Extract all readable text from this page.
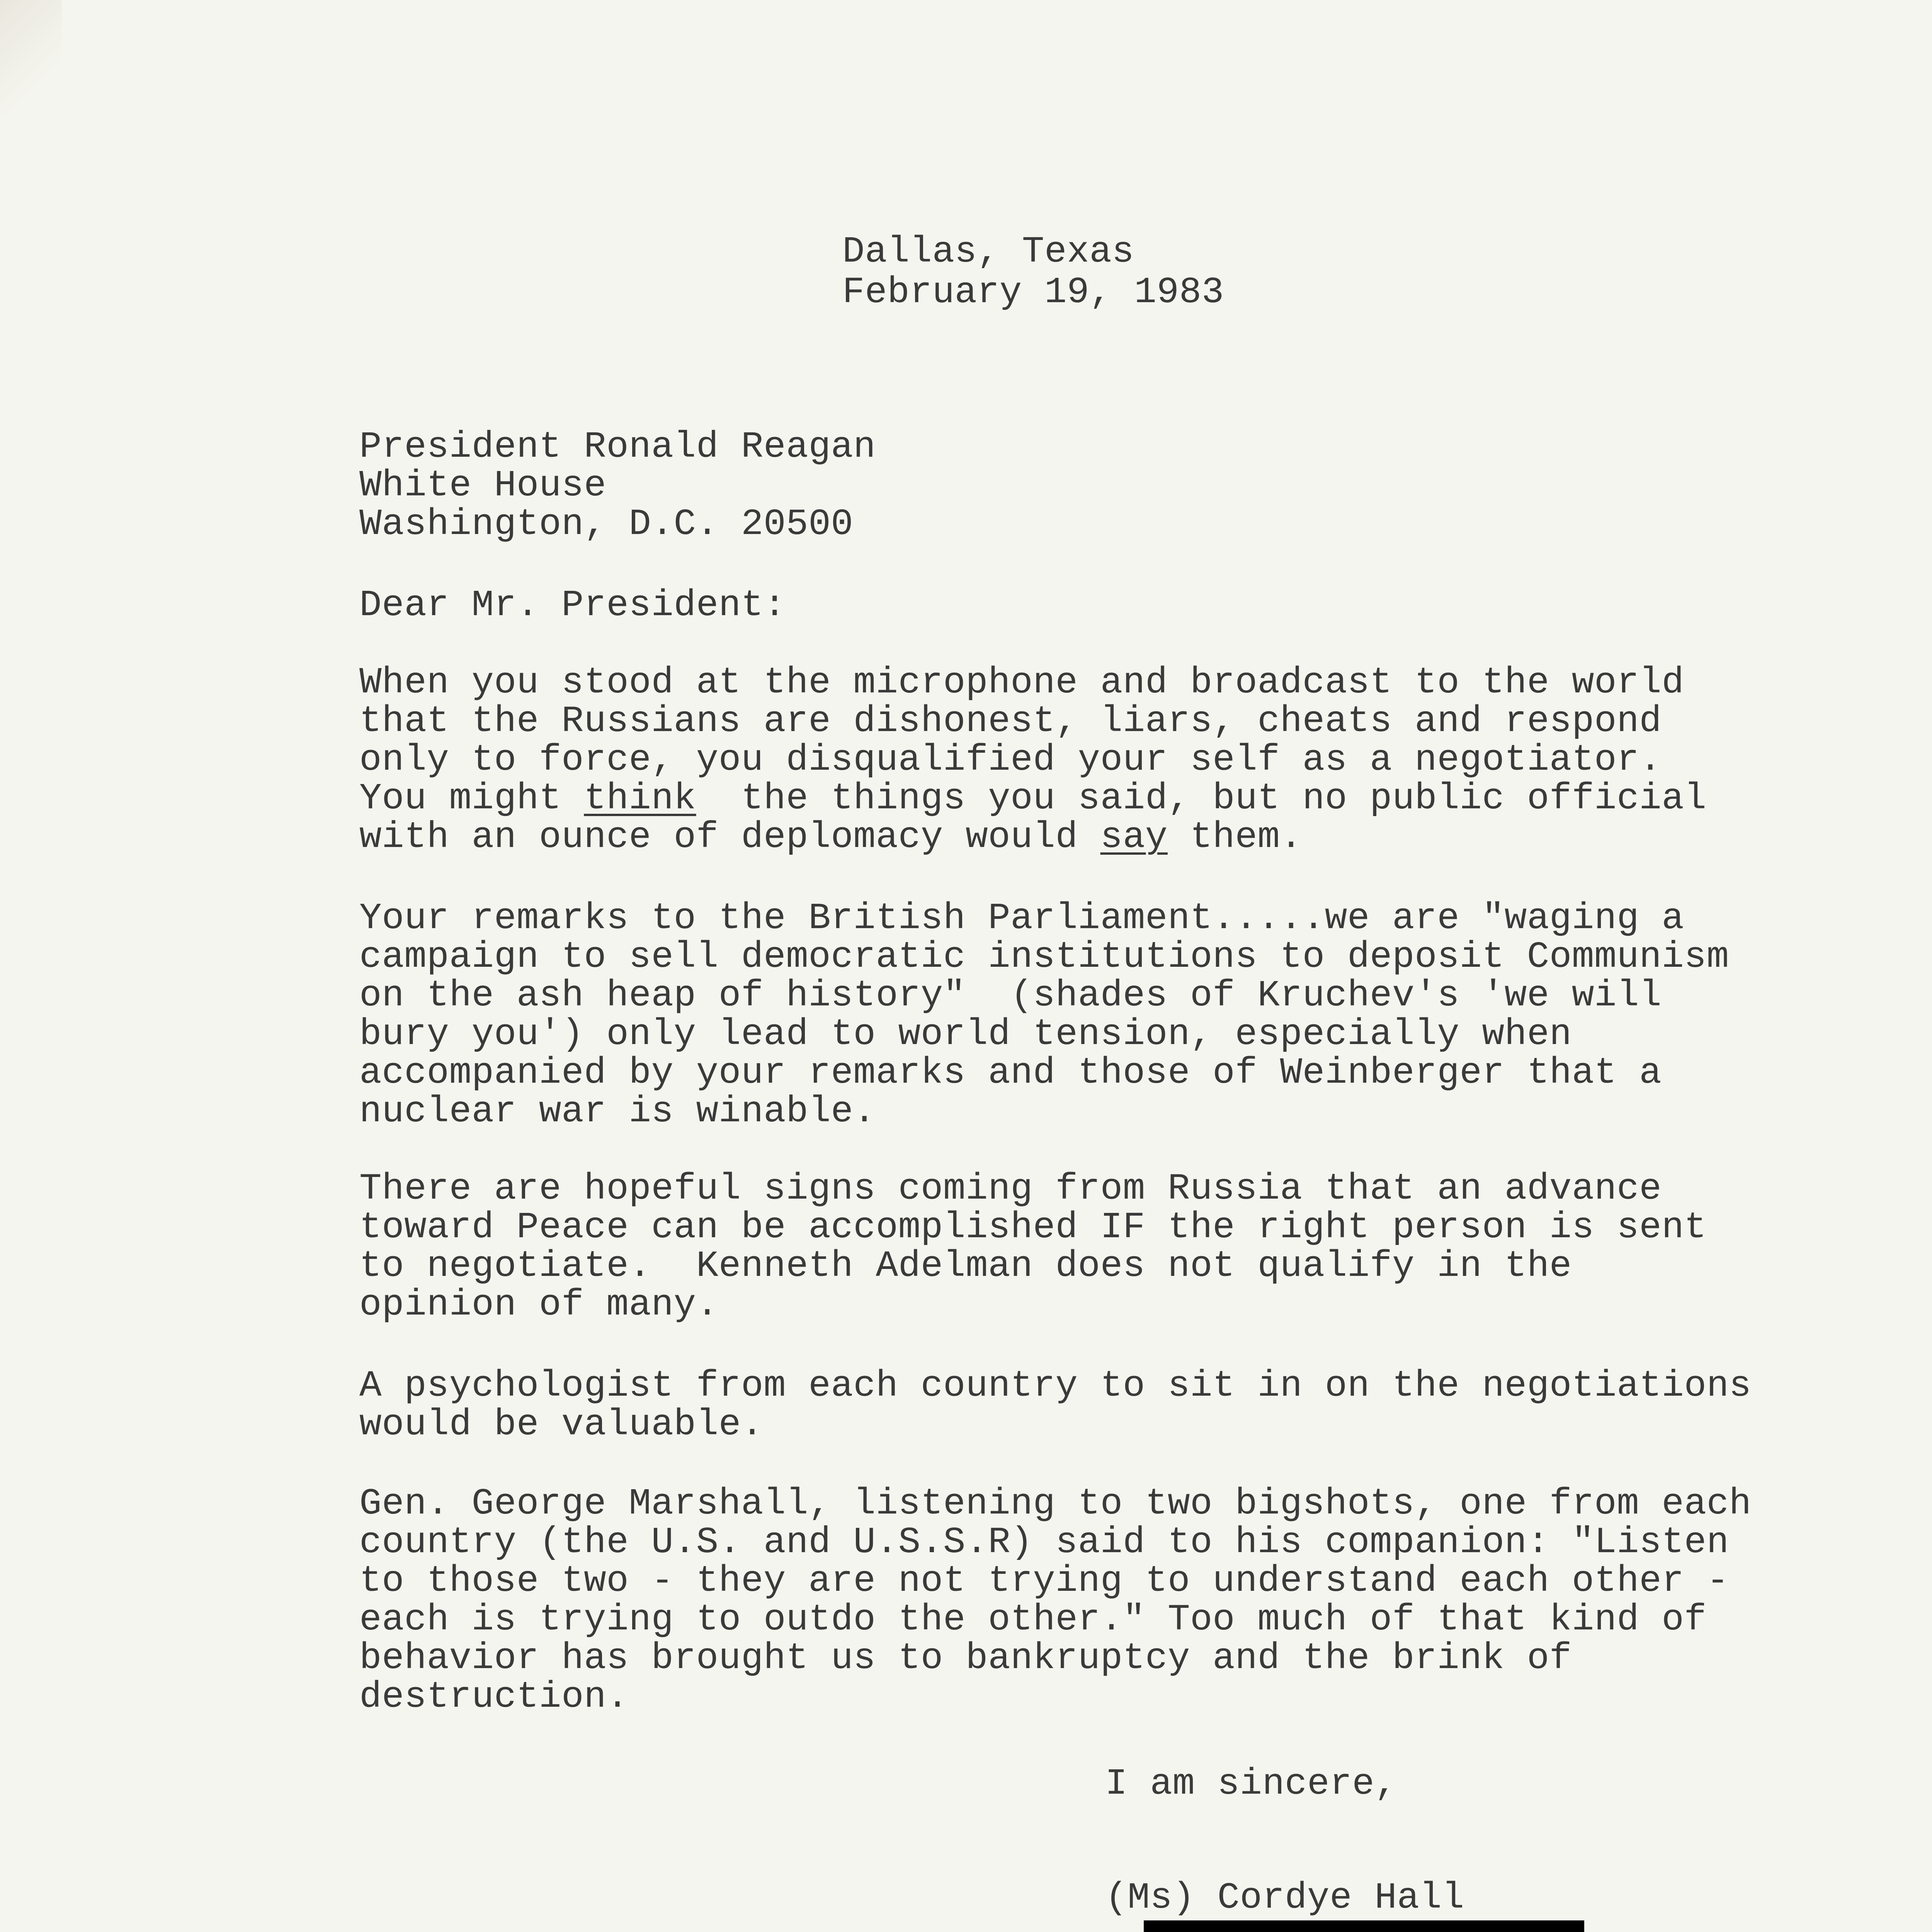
Dallas, Texas
February 19, 1983
President Ronald Reagan
White House
Washington, D.C. 20500
Dear Mr. President:
When you stood at the microphone and broadcast to the world
that the Russians are dishonest, liars, cheats and respond
only to force, you disqualified your self as a negotiator.
You might think  the things you said, but no public official
with an ounce of deplomacy would say them.
Your remarks to the British Parliament.....we are "waging a
campaign to sell democratic institutions to deposit Communism
on the ash heap of history"  (shades of Kruchev's 'we will
bury you') only lead to world tension, especially when
accompanied by your remarks and those of Weinberger that a
nuclear war is winable.
There are hopeful signs coming from Russia that an advance
toward Peace can be accomplished IF the right person is sent
to negotiate.  Kenneth Adelman does not qualify in the
opinion of many.
A psychologist from each country to sit in on the negotiations
would be valuable.
Gen. George Marshall, listening to two bigshots, one from each
country (the U.S. and U.S.S.R) said to his companion: "Listen
to those two - they are not trying to understand each other -
each is trying to outdo the other." Too much of that kind of
behavior has brought us to bankruptcy and the brink of
destruction.
I am sincere,
(Ms) Cordye Hall
